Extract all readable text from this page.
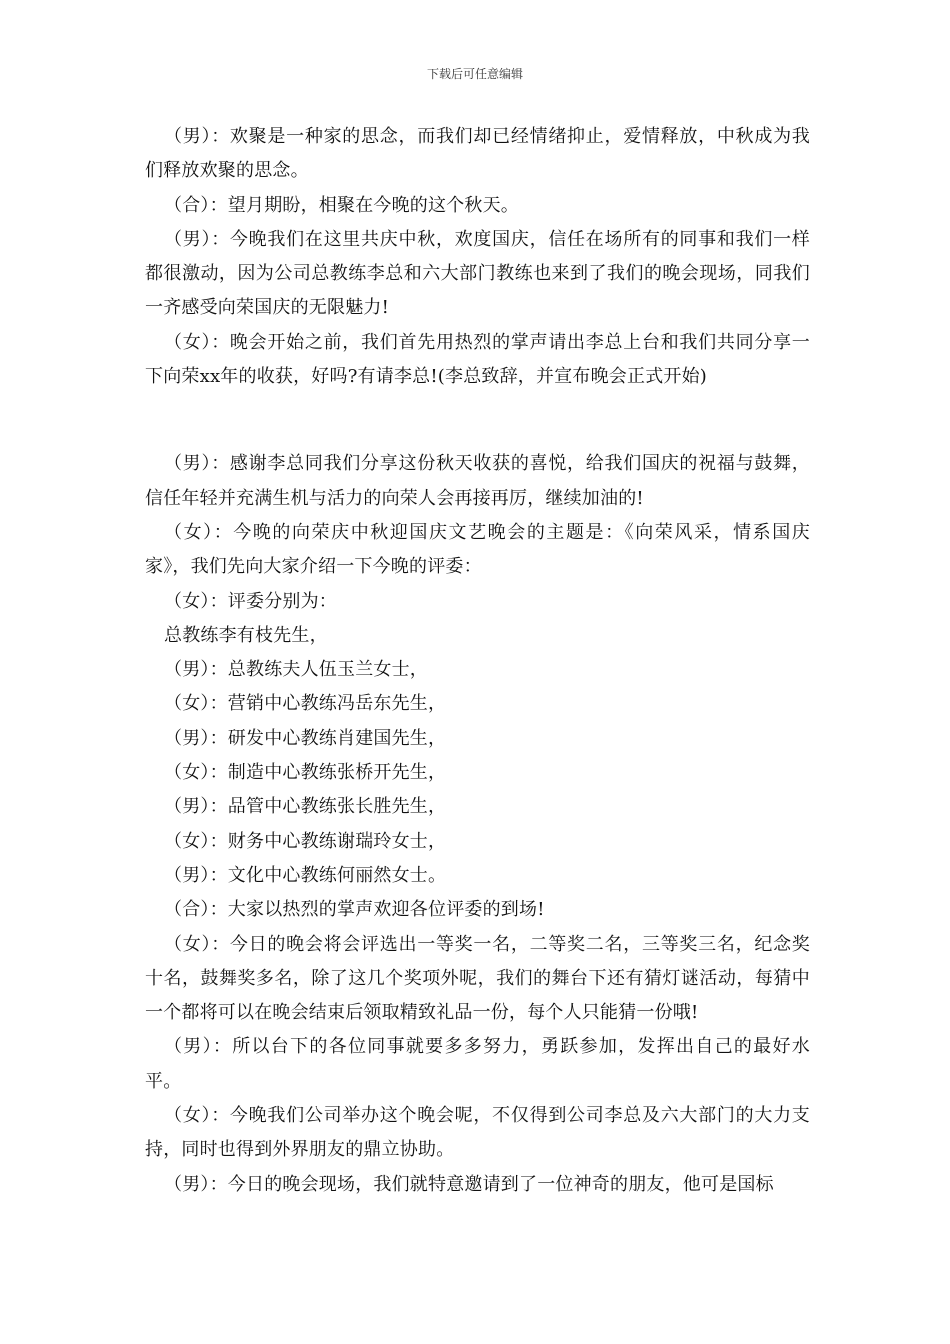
下载后可任意编辑

（男）：欢聚是一种家的思念，而我们却已经情绪抑止，爱情释放，中秋成为我们释放欢聚的思念。

（合）：望月期盼，相聚在今晚的这个秋天。

（男）：今晚我们在这里共庆中秋，欢度国庆，信任在场所有的同事和我们一样都很激动，因为公司总教练李总和六大部门教练也来到了我们的晚会现场，同我们一齐感受向荣国庆的无限魅力!

（女）：晚会开始之前，我们首先用热烈的掌声请出李总上台和我们共同分享一下向荣xx年的收获，好吗?有请李总!(李总致辞，并宣布晚会正式开始)

（男）：感谢李总同我们分享这份秋天收获的喜悦，给我们国庆的祝福与鼓舞，信任年轻并充满生机与活力的向荣人会再接再厉，继续加油的!

（女）：今晚的向荣庆中秋迎国庆文艺晚会的主题是：《向荣风采，情系国庆家》，我们先向大家介绍一下今晚的评委：

（女）：评委分别为：

总教练李有枝先生，

（男）：总教练夫人伍玉兰女士，

（女）：营销中心教练冯岳东先生，

（男）：研发中心教练肖建国先生，

（女）：制造中心教练张桥开先生，

（男）：品管中心教练张长胜先生，

（女）：财务中心教练谢瑞玲女士，

（男）：文化中心教练何丽然女士。

（合）：大家以热烈的掌声欢迎各位评委的到场!

（女）：今日的晚会将会评选出一等奖一名，二等奖二名，三等奖三名，纪念奖十名，鼓舞奖多名，除了这几个奖项外呢，我们的舞台下还有猜灯谜活动，每猜中一个都将可以在晚会结束后领取精致礼品一份，每个人只能猜一份哦!

（男）：所以台下的各位同事就要多多努力，勇跃参加，发挥出自己的最好水平。

（女）：今晚我们公司举办这个晚会呢，不仅得到公司李总及六大部门的大力支持，同时也得到外界朋友的鼎立协助。

（男）：今日的晚会现场，我们就特意邀请到了一位神奇的朋友，他可是国标
